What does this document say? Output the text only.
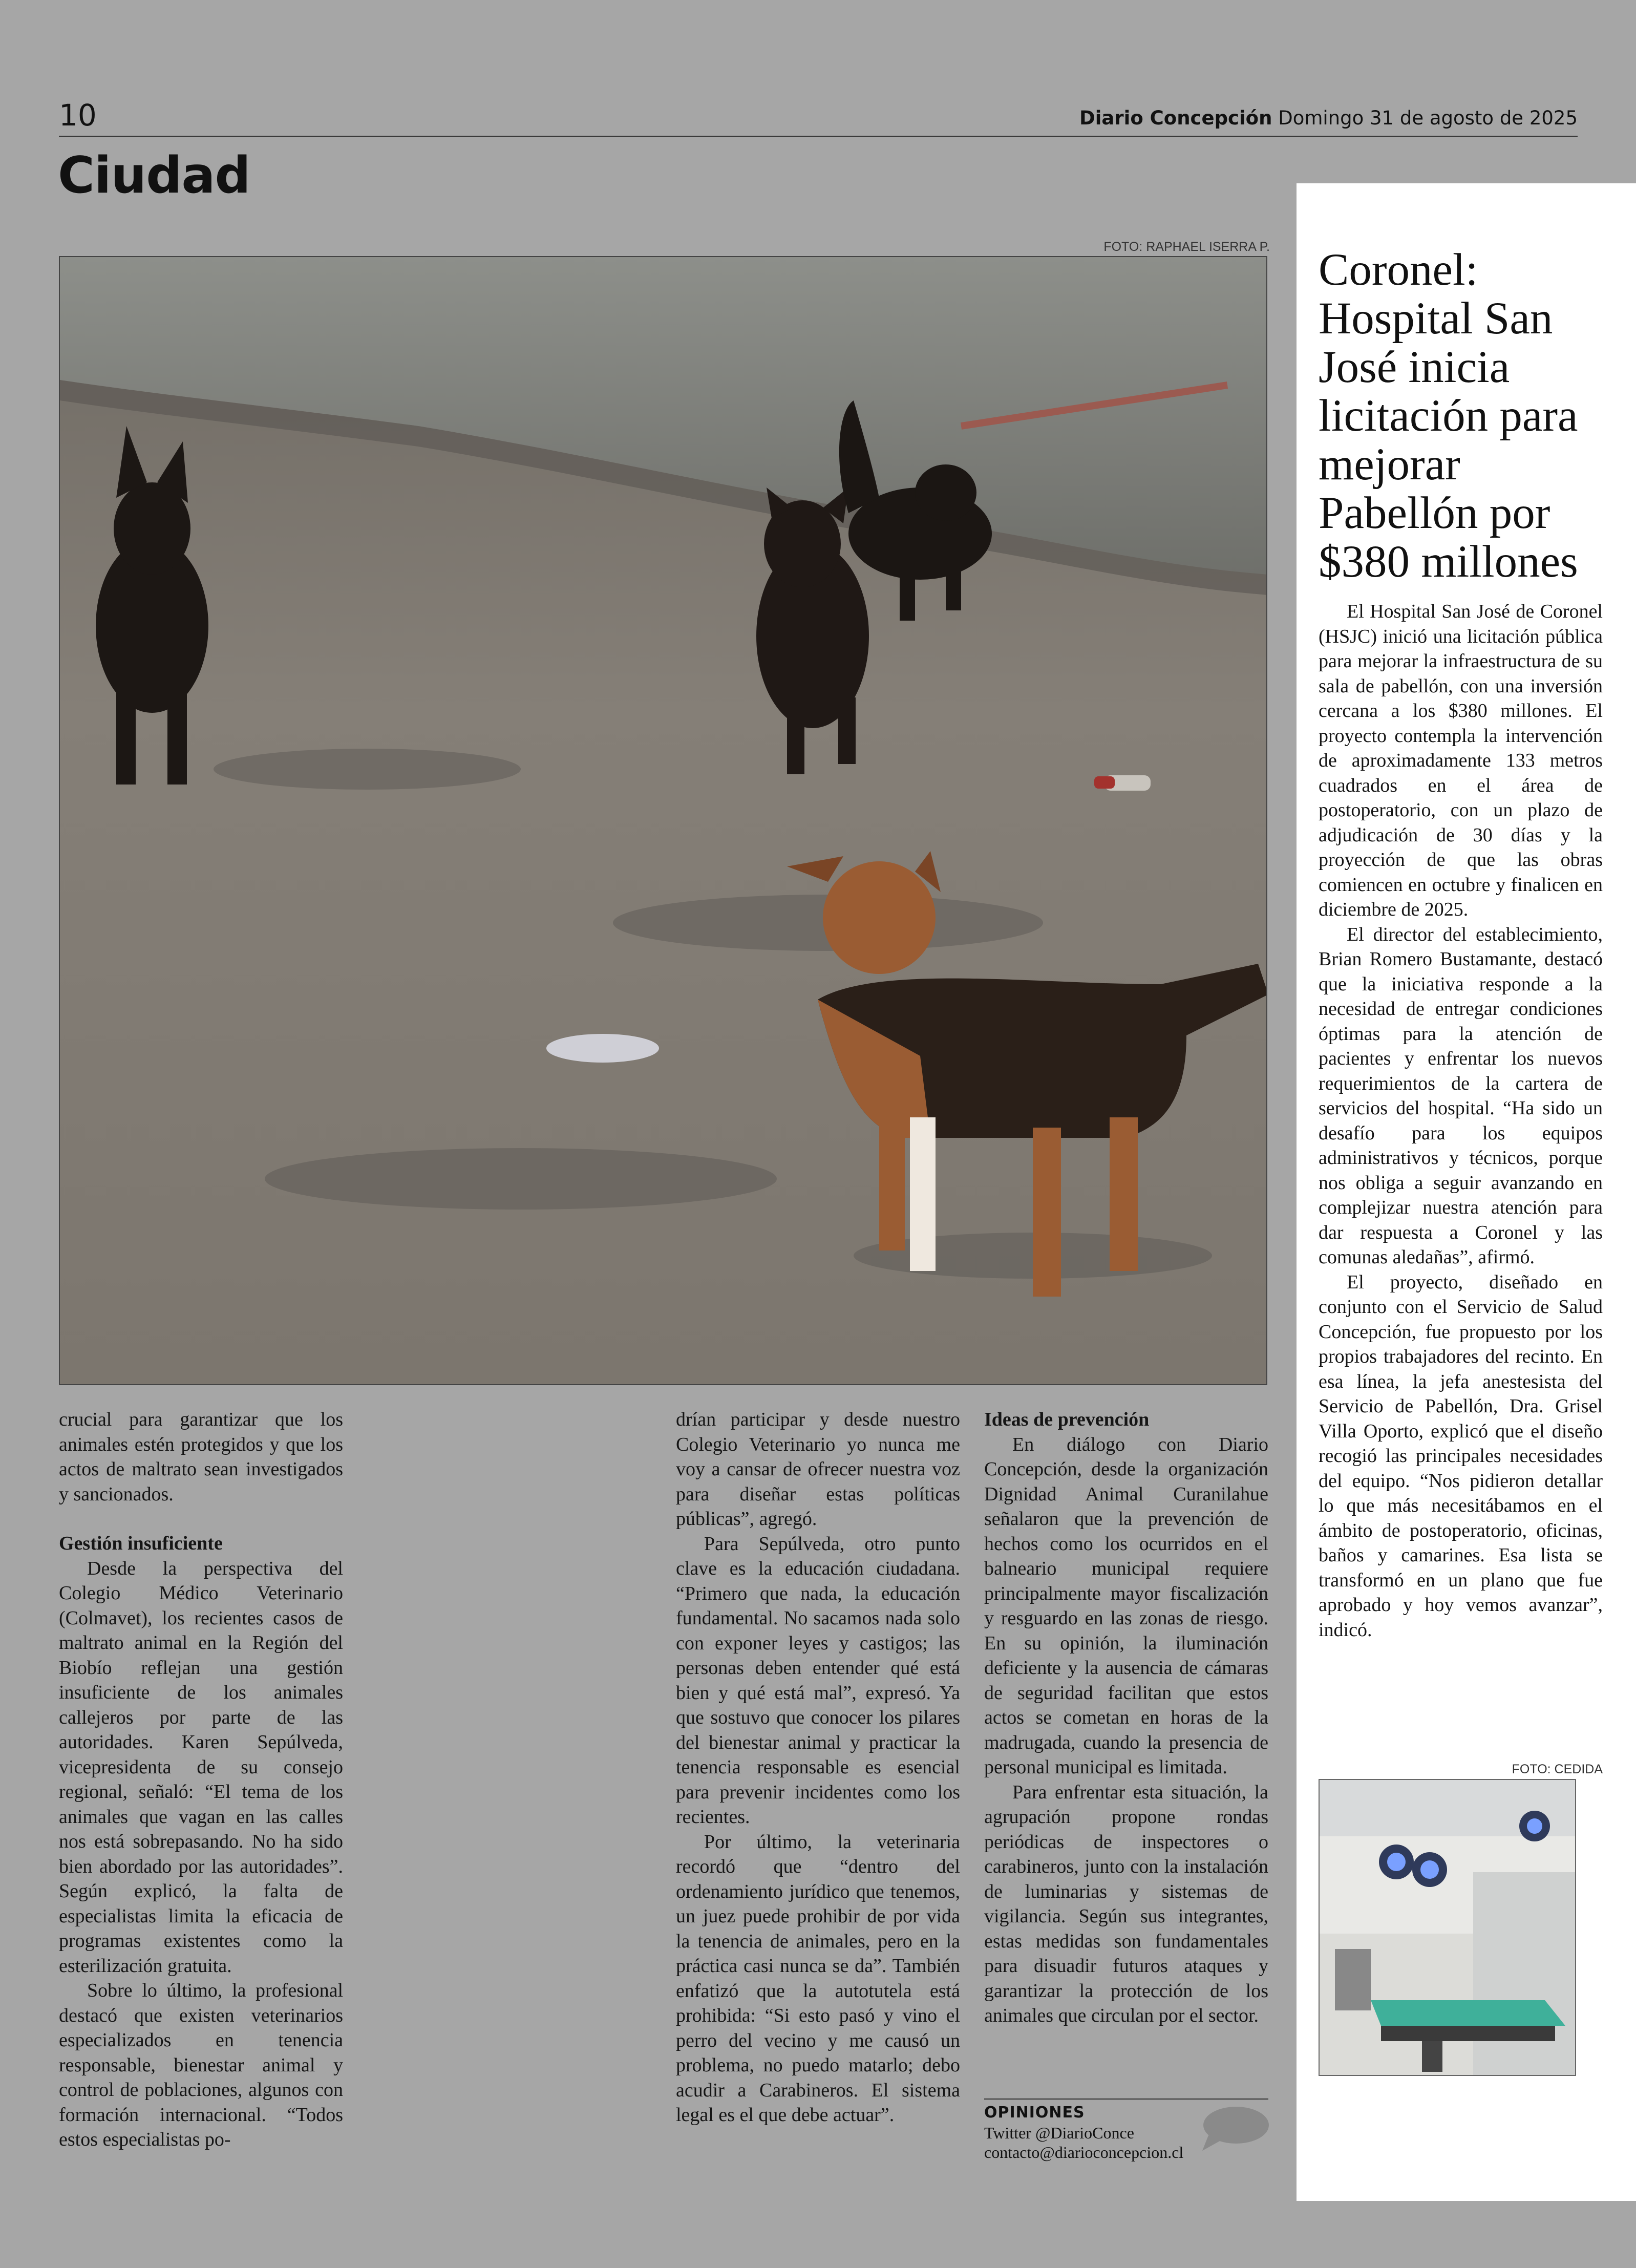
10	Diario Concepción Domingo 31 de agosto de 2025
Ciudad
FOTO: RAPHAEL ISERRA P.

crucial para garantizar que los animales estén protegidos y que los actos de maltrato sean investigados y sancionados.

Gestión insuficiente

Desde la perspectiva del Colegio Médico Veterinario (Colmavet), los recientes casos de maltrato animal en la Región del Biobío reflejan una gestión insuficiente de los animales callejeros por parte de las autoridades. Karen Sepúlveda, vicepresidenta de su consejo regional, señaló: “El tema de los animales que vagan en las calles nos está sobrepasando. No ha sido bien abordado por las autoridades”. Según explicó, la falta de especialistas limita la eficacia de programas existentes como la esterilización gratuita.

Sobre lo último, la profesional destacó que existen veterinarios especializados en tenencia responsable, bienestar animal y control de poblaciones, algunos con formación internacional. “Todos estos especialistas po-

drían participar y desde nuestro Colegio Veterinario yo nunca me voy a cansar de ofrecer nuestra voz para diseñar estas políticas públicas”, agregó.

Para Sepúlveda, otro punto clave es la educación ciudadana. “Primero que nada, la educación fundamental. No sacamos nada solo con exponer leyes y castigos; las personas deben entender qué está bien y qué está mal”, expresó. Ya que sostuvo que conocer los pilares del bienestar animal y practicar la tenencia responsable es esencial para prevenir incidentes como los recientes.

Por último, la veterinaria recordó que “dentro del ordenamiento jurídico que tenemos, un juez puede prohibir de por vida la tenencia de animales, pero en la práctica casi nunca se da”. También enfatizó que la autotutela está prohibida: “Si esto pasó y vino el perro del vecino y me causó un problema, no puedo matarlo; debo acudir a Carabineros. El sistema legal es el que debe actuar”.

Ideas de prevención

En diálogo con Diario Concepción, desde la organización Dignidad Animal Curanilahue señalaron que la prevención de hechos como los ocurridos en el balneario municipal requiere principalmente mayor fiscalización y resguardo en las zonas de riesgo. En su opinión, la iluminación deficiente y la ausencia de cámaras de seguridad facilitan que estos actos se cometan en horas de la madrugada, cuando la presencia de personal municipal es limitada.

Para enfrentar esta situación, la agrupación propone rondas periódicas de inspectores o carabineros, junto con la instalación de luminarias y sistemas de vigilancia. Según sus integrantes, estas medidas son fundamentales para disuadir futuros ataques y garantizar la protección de los animales que circulan por el sector.

OPINIONES
Twitter @DiarioConce
contacto@diarioconcepcion.cl
Coronel: Hospital San José inicia licitación para mejorar Pabellón por $380 millones

El Hospital San José de Coronel (HSJC) inició una licitación pública para mejorar la infraestructura de su sala de pabellón, con una inversión cercana a los $380 millones. El proyecto contempla la intervención de aproximadamente 133 metros cuadrados en el área de postoperatorio, con un plazo de adjudicación de 30 días y la proyección de que las obras comiencen en octubre y finalicen en diciembre de 2025.

El director del establecimiento, Brian Romero Bustamante, destacó que la iniciativa responde a la necesidad de entregar condiciones óptimas para la atención de pacientes y enfrentar los nuevos requerimientos de la cartera de servicios del hospital. “Ha sido un desafío para los equipos administrativos y técnicos, porque nos obliga a seguir avanzando en complejizar nuestra atención para dar respuesta a Coronel y las comunas aledañas”, afirmó.

El proyecto, diseñado en conjunto con el Servicio de Salud Concepción, fue propuesto por los propios trabajadores del recinto. En esa línea, la jefa anestesista del Servicio de Pabellón, Dra. Grisel Villa Oporto, explicó que el diseño recogió las principales necesidades del equipo. “Nos pidieron detallar lo que más necesitábamos en el ámbito de postoperatorio, oficinas, baños y camarines. Esa lista se transformó en un plano que fue aprobado y hoy vemos avanzar”, indicó.

FOTO: CEDIDA
